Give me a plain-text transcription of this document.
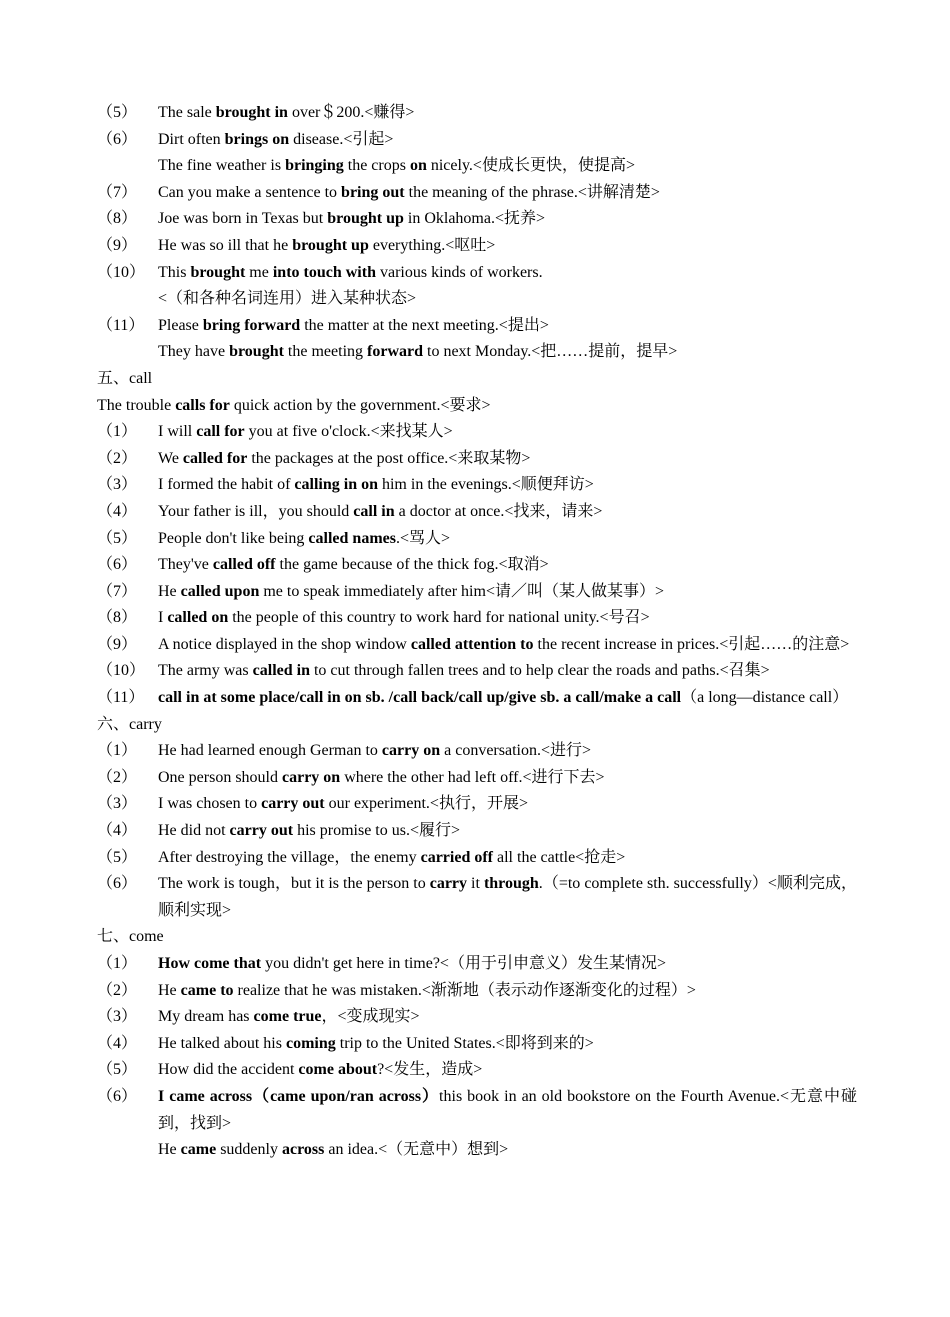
（5）	The sale brought in over＄200.<赚得>
（6）	Dirt often brings on disease.<引起>
The fine weather is bringing the crops on nicely.<使成长更快，使提高>
（7）	Can you make a sentence to bring out the meaning of the phrase.<讲解清楚>
（8）	Joe was born in Texas but brought up in Oklahoma.<抚养>
（9）	He was so ill that he brought up everything.<呕吐>
（10） This brought me into touch with various kinds of workers.
<（和各种名词连用）进入某种状态>
（11） Please bring forward the matter at the next meeting.<提出>
They have brought the meeting forward to next Monday.<把……提前，提早>
五、call
The trouble calls for quick action by the government.<要求>
（1）	I will call for you at five o'clock.<来找某人>
（2）	We called for the packages at the post office.<来取某物>
（3）	I formed the habit of calling in on him in the evenings.<顺便拜访>
（4）	Your father is ill，you should call in a doctor at once.<找来，请来>
（5）	People don't like being called names.<骂人>
（6）	They've called off the game because of the thick fog.<取消>
（7）	He called upon me to speak immediately after him<请／叫（某人做某事）>
（8）	I called on the people of this country to work hard for national unity.<号召>
（9）	A notice displayed in the shop window called attention to the recent increase in prices.<引起……的注意>
（10） The army was called in to cut through fallen trees and to help clear the roads and paths.<召集>
（11） call in at some place/call in on sb. /call back/call up/give sb. a call/make a call（a long—distance call）
六、carry
（1）	He had learned enough German to carry on a conversation.<进行>
（2）	One person should carry on where the other had left off.<进行下去>
（3）	I was chosen to carry out our experiment.<执行，开展>
（4）	He did not carry out his promise to us.<履行>
（5）	After destroying the village，the enemy carried off all the cattle<抢走>
（6）	The work is tough，but it is the person to carry it through.（=to complete sth. successfully）<顺利完成，顺利实现>
七、come
（1）	How come that you didn't get here in time?<（用于引申意义）发生某情况>
（2）	He came to realize that he was mistaken.<渐渐地（表示动作逐渐变化的过程）>
（3）	My dream has come true，<变成现实>
（4）	He talked about his coming trip to the United States.<即将到来的>
（5）	How did the accident come about?<发生，造成>
（6）	I came across（came upon/ran across）this book in an old bookstore on the Fourth Avenue.<无意中碰到，找到>
He came suddenly across an idea.<（无意中）想到>
